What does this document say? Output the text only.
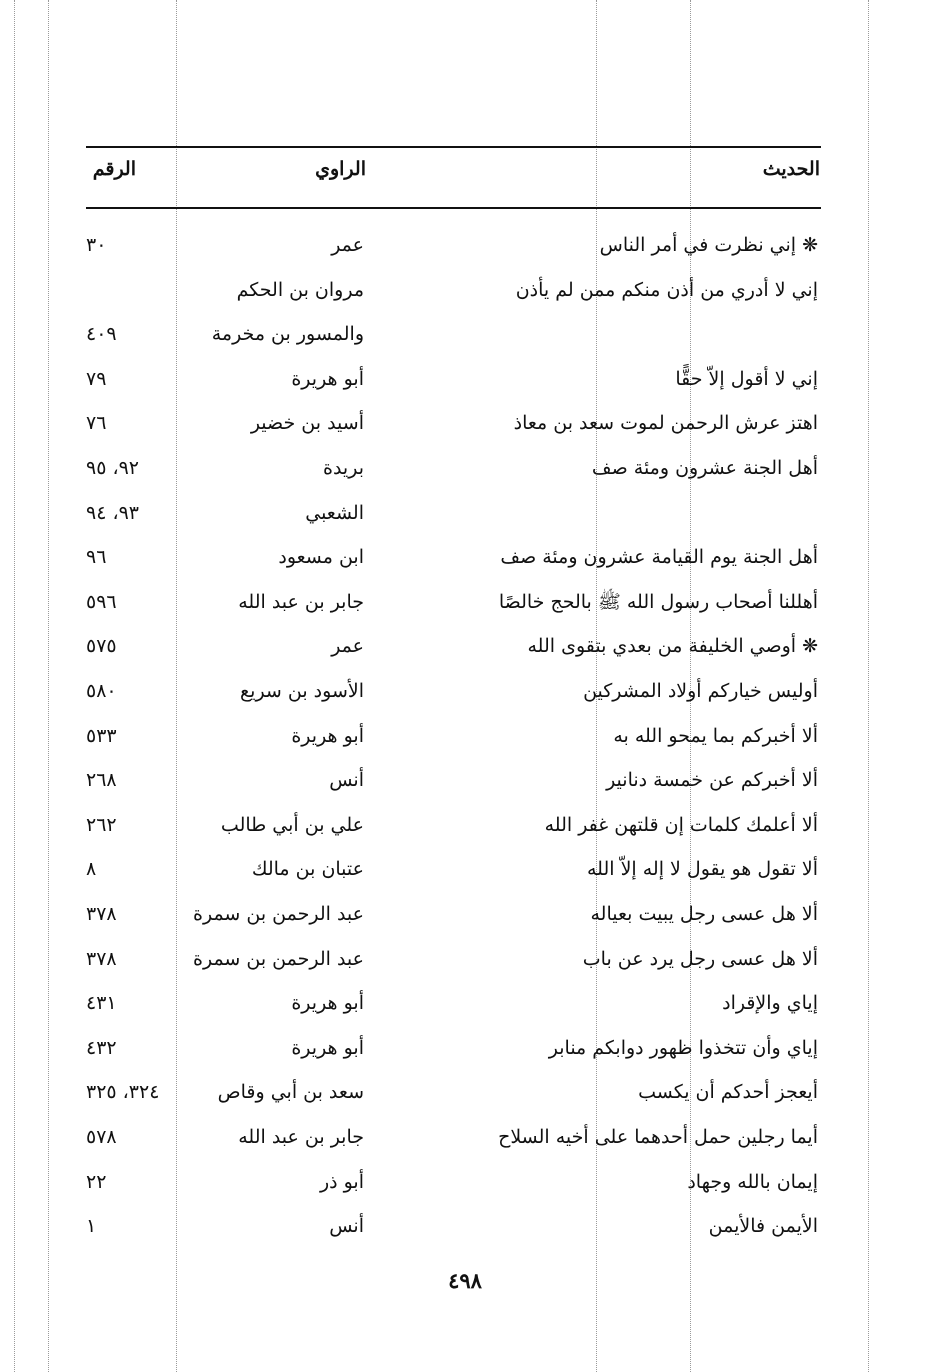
الحديث
الراوي
الرقم
❋إني نظرت في أمر الناس
عمر
٣٠
إني لا أدري من أذن منكم ممن لم يأذن
مروان بن الحكم
والمسور بن مخرمة
٤٠٩
إني لا أقول إلاّ حقًّا
أبو هريرة
٧٩
اهتز عرش الرحمن لموت سعد بن معاذ
أسيد بن خضير
٧٦
أهل الجنة عشرون ومئة صف
بريدة
٩٢، ٩٥
الشعبي
٩٣، ٩٤
أهل الجنة يوم القيامة عشرون ومئة صف
ابن مسعود
٩٦
أهللنا أصحاب رسول الله ﷺ بالحج خالصًا
جابر بن عبد الله
٥٩٦
❋أوصي الخليفة من بعدي بتقوى الله
عمر
٥٧٥
أوليس خياركم أولاد المشركين
الأسود بن سريع
٥٨٠
ألا أخبركم بما يمحو الله به
أبو هريرة
٥٣٣
ألا أخبركم عن خمسة دنانير
أنس
٢٦٨
ألا أعلمك كلمات إن قلتهن غفر الله
علي بن أبي طالب
٢٦٢
ألا تقول هو يقول لا إله إلاّ الله
عتبان بن مالك
٨
ألا هل عسى رجل يبيت بعياله
عبد الرحمن بن سمرة
٣٧٨
ألا هل عسى رجل يرد عن باب
عبد الرحمن بن سمرة
٣٧٨
إياي والإقراد
أبو هريرة
٤٣١
إياي وأن تتخذوا ظهور دوابكم منابر
أبو هريرة
٤٣٢
أيعجز أحدكم أن يكسب
سعد بن أبي وقاص
٣٢٤، ٣٢٥
أيما رجلين حمل أحدهما على أخيه السلاح
جابر بن عبد الله
٥٧٨
إيمان بالله وجهاد
أبو ذر
٢٢
الأيمن فالأيمن
أنس
١
٤٩٨
